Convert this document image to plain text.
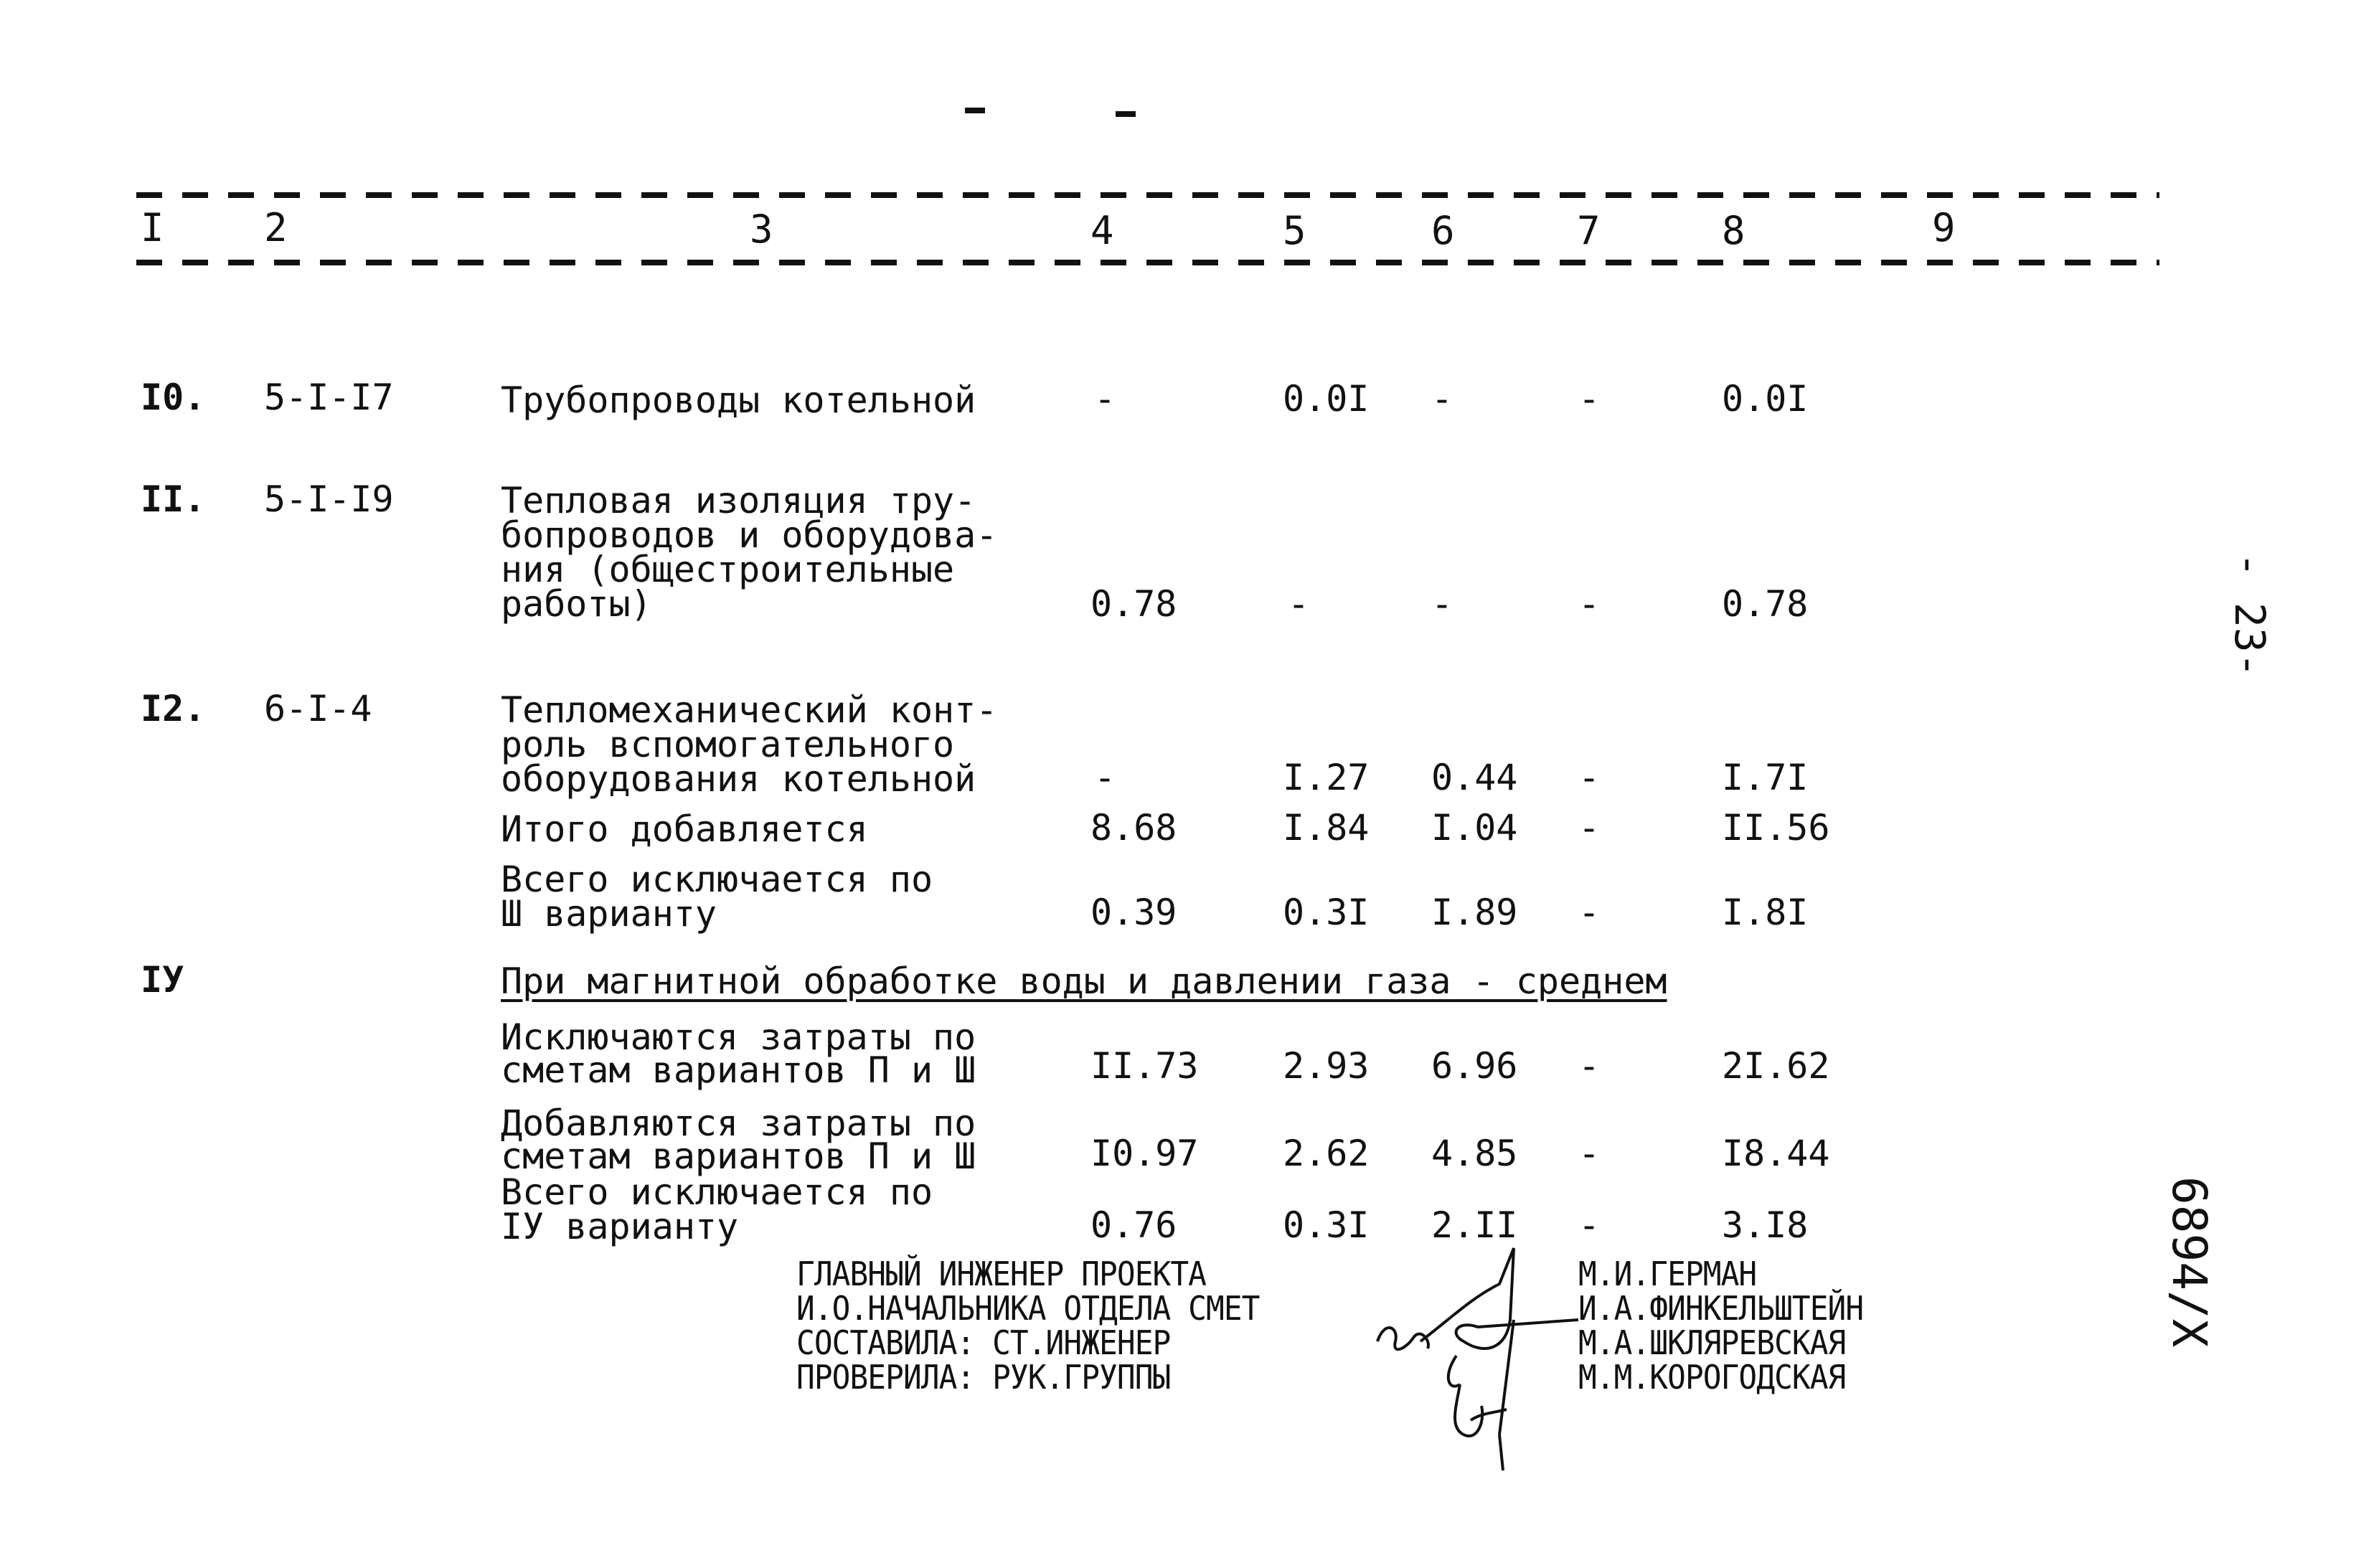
I	2	3	4	5	6	7	8	9
I0. 5-I-I7	Трубопроводы котельной	-	0.0I -	-	0.0I
II. 5-I-I9	Тепловая изоляция тру-
бопроводов и оборудова-
ния (общестроительные
работы)	0.78	-	-	-	0.78
I2. 6-I-4	Тепломеханический конт-
роль вспомогательного
оборудования котельной	-	I.27 0.44 -	I.7I
Итого добавляется	8.68	I.84 I.04 -	II.56
Всего исключается по
Ш варианту	0.39	0.3I I.89 -	I.8I
IУ	При магнитной обработке воды и давлении газа - среднем
Исключаются затраты по
сметам вариантов П и Ш	II.73 2.93 6.96 -	2I.62
Добавляются затраты по
сметам вариантов П и Ш	I0.97 2.62 4.85 -	I8.44
Всего исключается по
IУ варианту	0.76	0.3I 2.II -	3.I8
ГЛАВНЫЙ ИНЖЕНЕР ПРОЕКТА
И.О.НАЧАЛЬНИКА ОТДЕЛА СМЕТ
СОСТАВИЛА: СТ.ИНЖЕНЕР
ПРОВЕРИЛА: РУК.ГРУППЫ
М.И.ГЕРМАН
И.А.ФИНКЕЛЬШТЕЙН
М.А.ШКЛЯРЕВСКАЯ
М.М.КОРОГОДСКАЯ
- 23-
6894/Х
